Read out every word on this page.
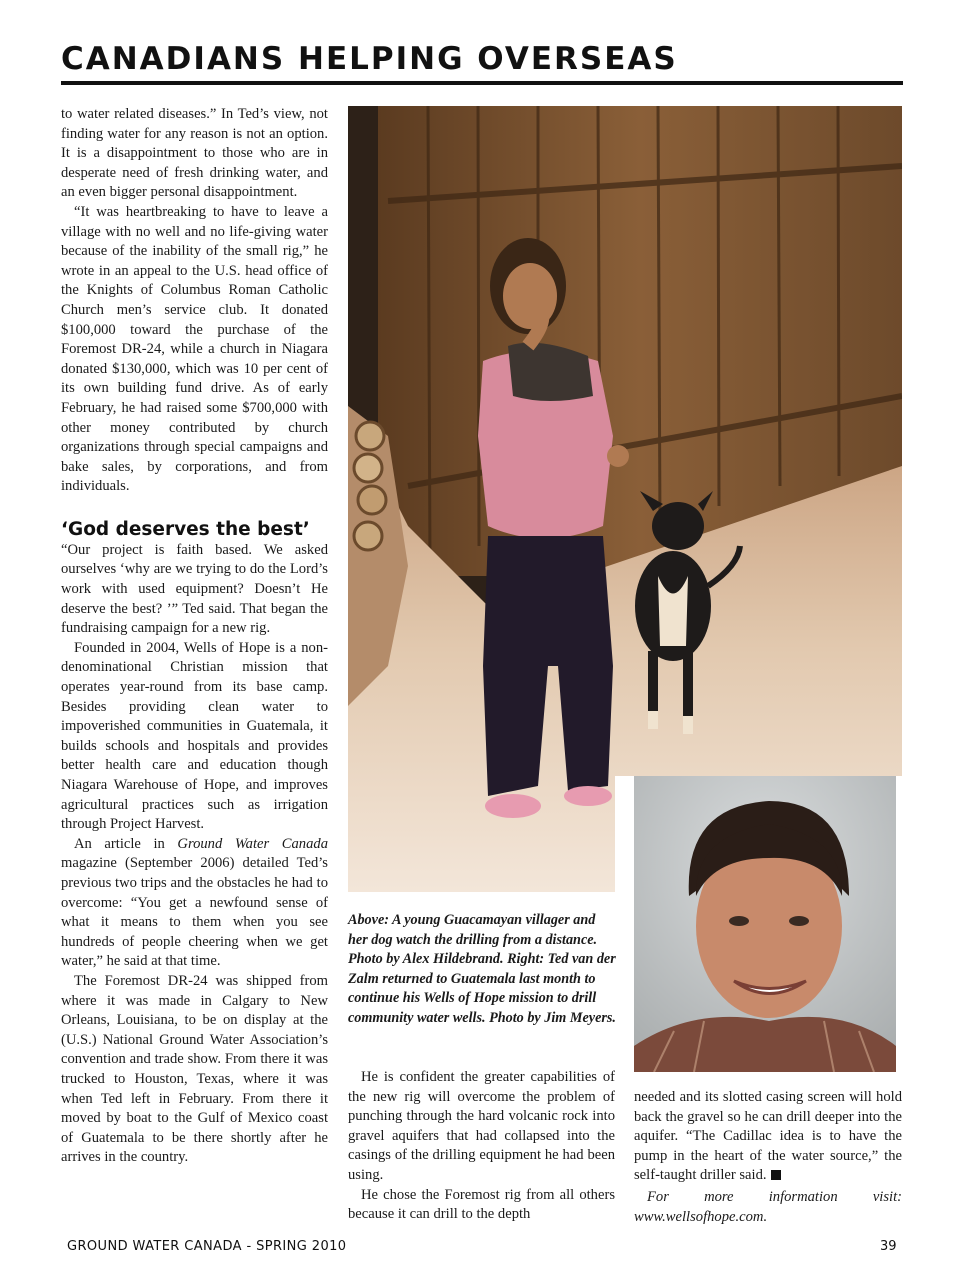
CANADIANS HELPING OVERSEAS

to water related diseases.” In Ted’s view, not finding water for any reason is not an option. It is a disappointment to those who are in desperate need of fresh drinking water, and an even bigger personal disappointment.

“It was heartbreaking to have to leave a village with no well and no life-giving water because of the inability of the small rig,” he wrote in an appeal to the U.S. head office of the Knights of Columbus Roman Catholic Church men’s service club. It donated $100,000 toward the purchase of the Foremost DR-24, while a church in Niagara donated $130,000, which was 10 per cent of its own building fund drive. As of early February, he had raised some $700,000 with other money contributed by church organizations through special campaigns and bake sales, by corporations, and from individuals.

‘God deserves the best’

“Our project is faith based. We asked ourselves ‘why are we trying to do the Lord’s work with used equipment? Doesn’t He deserve the best? ’” Ted said. That began the fundraising campaign for a new rig.

Founded in 2004, Wells of Hope is a non-denominational Christian mission that operates year-round from its base camp. Besides providing clean water to impoverished communities in Guatemala, it builds schools and hospitals and provides better health care and education though Niagara Warehouse of Hope, and improves agricultural practices such as irrigation through Project Harvest.

An article in Ground Water Canada magazine (September 2006) detailed Ted’s previous two trips and the obstacles he had to overcome: “You get a newfound sense of what it means to them when you see hundreds of people cheering when we get water,” he said at that time.

The Foremost DR-24 was shipped from where it was made in Calgary to New Orleans, Louisiana, to be on display at the (U.S.) National Ground Water Association’s convention and trade show. From there it was trucked to Houston, Texas, where it was when Ted left in February. From there it moved by boat to the Gulf of Mexico coast of Guatemala to be there shortly after he arrives in the country.

Above: A young Guacamayan villager and her dog watch the drilling from a distance. Photo by Alex Hildebrand. Right: Ted van der Zalm returned to Guatemala last month to continue his Wells of Hope mission to drill community water wells. Photo by Jim Meyers.

He is confident the greater capabilities of the new rig will overcome the problem of punching through the hard volcanic rock into gravel aquifers that had collapsed into the casings of the drilling equipment he had been using.

He chose the Foremost rig from all others because it can drill to the depth

needed and its slotted casing screen will hold back the gravel so he can drill deeper into the aquifer. “The Cadillac idea is to have the pump in the heart of the water source,” the self-taught driller said.

For more information visit: www.wellsofhope.com.

GROUND WATER CANADA - SPRING 2010	39
